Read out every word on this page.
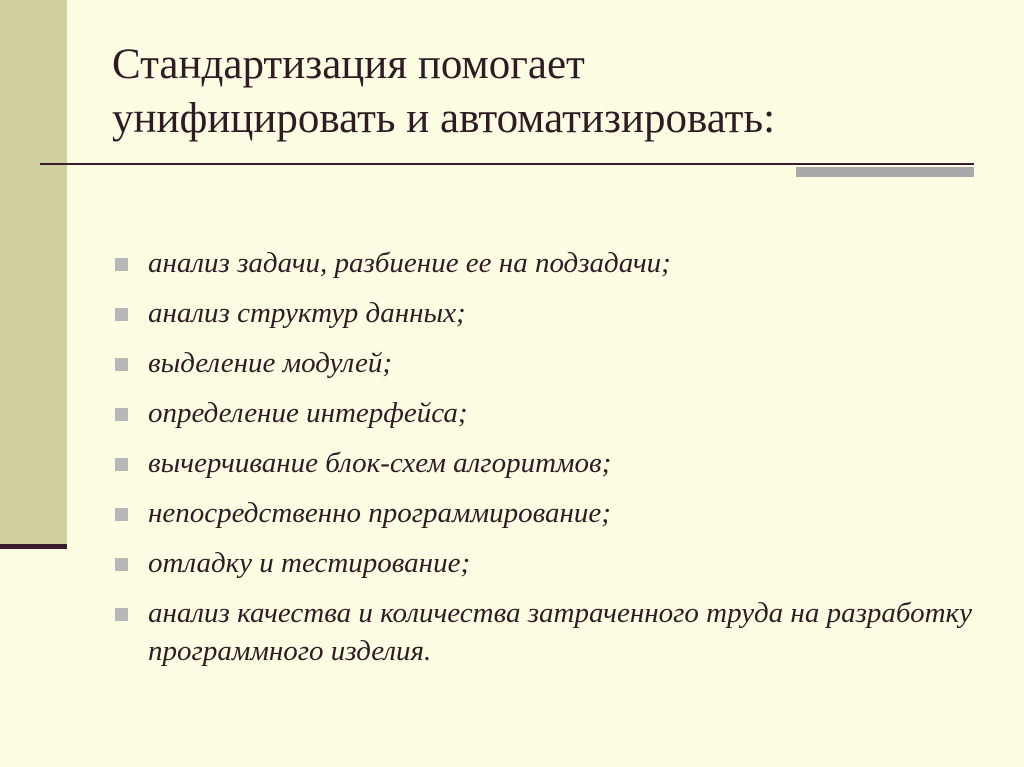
Стандартизация помогает
унифицировать и автоматизировать:
анализ задачи, разбиение ее на подзадачи;
анализ структур данных;
выделение модулей;
определение интерфейса;
вычерчивание блок-схем алгоритмов;
непосредственно программирование;
отладку и тестирование;
анализ качества и количества затраченного труда на разработку программного изделия.
